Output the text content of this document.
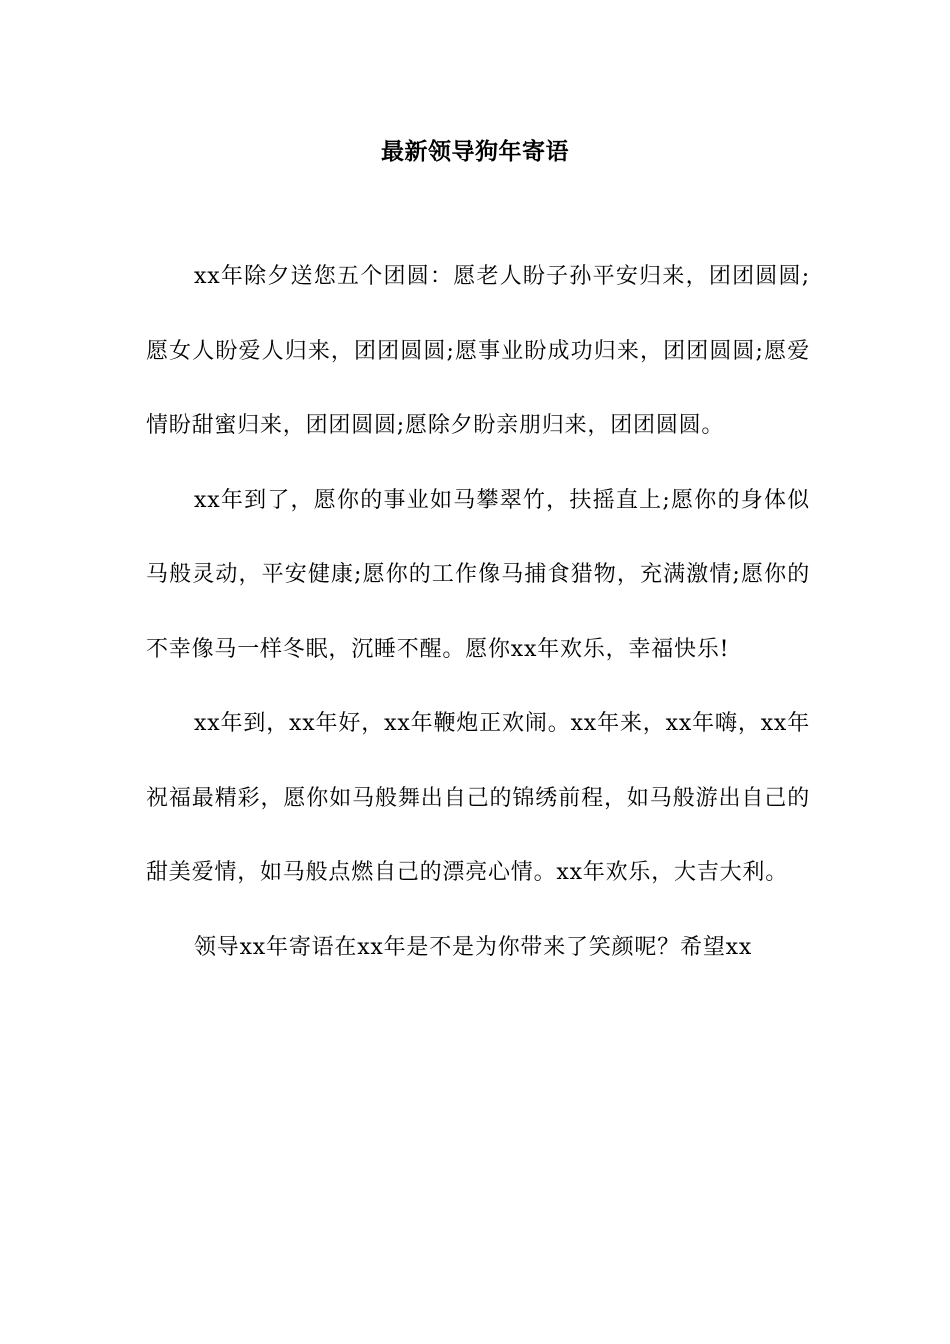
最新领导狗年寄语

xx年除夕送您五个团圆：愿老人盼子孙平安归来，团团圆圆;愿女人盼爱人归来，团团圆圆;愿事业盼成功归来，团团圆圆;愿爱情盼甜蜜归来，团团圆圆;愿除夕盼亲朋归来，团团圆圆。

xx年到了，愿你的事业如马攀翠竹，扶摇直上;愿你的身体似马般灵动，平安健康;愿你的工作像马捕食猎物，充满激情;愿你的不幸像马一样冬眠，沉睡不醒。愿你xx年欢乐，幸福快乐!

xx年到，xx年好，xx年鞭炮正欢闹。xx年来，xx年嗨，xx年祝福最精彩，愿你如马般舞出自己的锦绣前程，如马般游出自己的甜美爱情，如马般点燃自己的漂亮心情。xx年欢乐，大吉大利。

领导xx年寄语在xx年是不是为你带来了笑颜呢？希望xx
